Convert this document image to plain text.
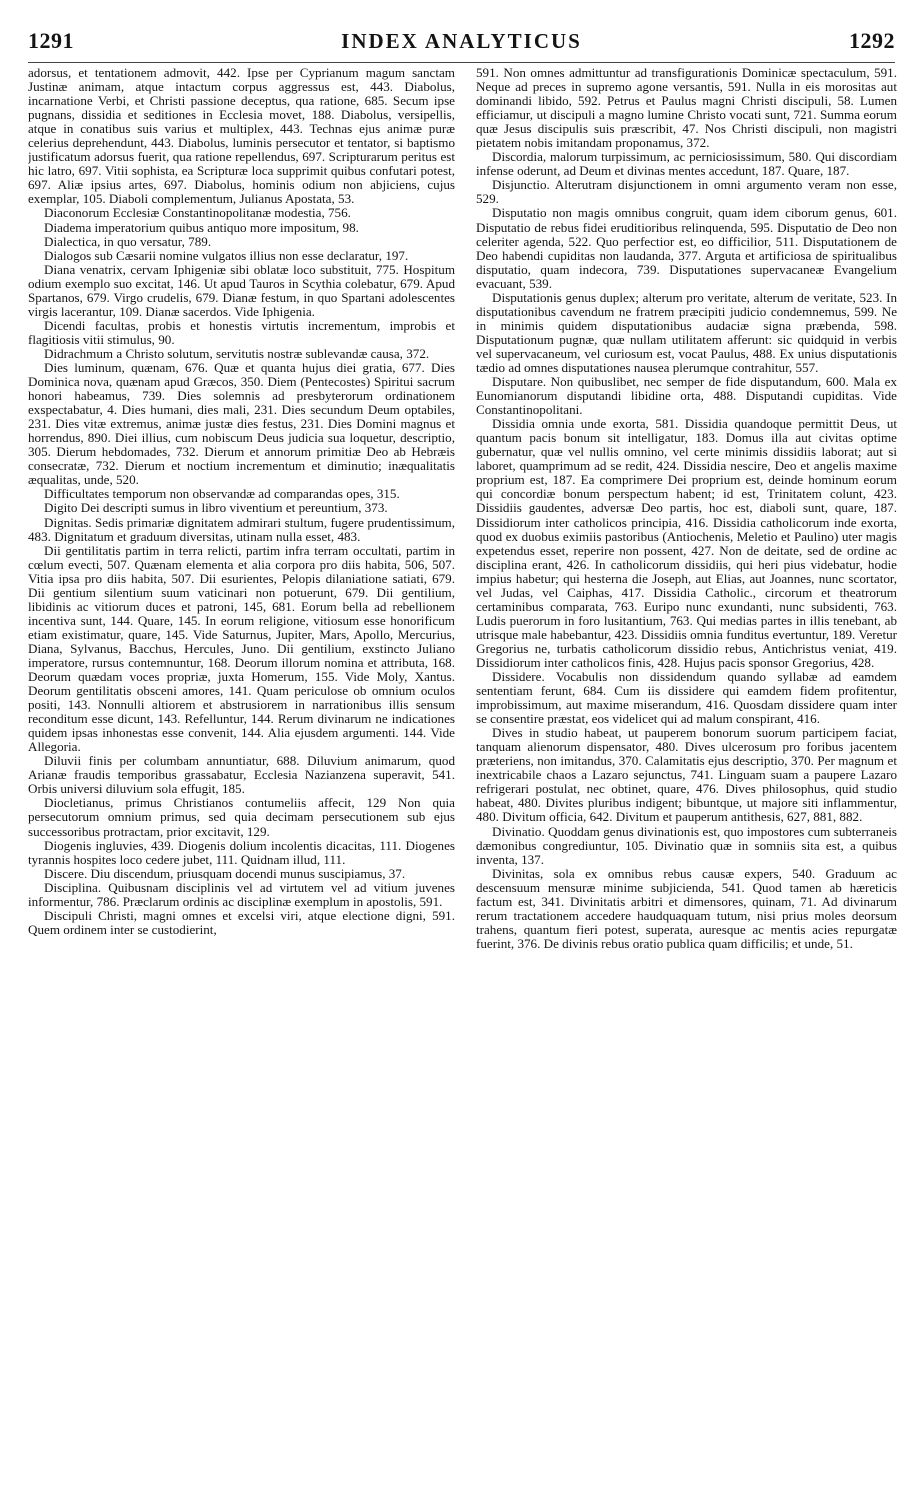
1291	INDEX ANALYTICUS	1292

adorsus, et tentationem admovit, 442. Ipse per Cyprianum magum sanctam Justinæ animam, atque intactum corpus aggressus est, 443. Diabolus, incarnatione Verbi, et Christi passione deceptus, qua ratione, 685. Secum ipse pugnans, dissidia et seditiones in Ecclesia movet, 188. Diabolus, versipellis, atque in conatibus suis varius et multiplex, 443. Technas ejus animæ puræ celerius deprehendunt, 443. Diabolus, luminis persecutor et tentator, si baptismo justificatum adorsus fuerit, qua ratione repellendus, 697. Scripturarum peritus est hic latro, 697. Vitii sophista, ea Scripturæ loca supprimit quibus confutari potest, 697. Aliæ ipsius artes, 697. Diabolus, hominis odium non abjiciens, cujus exemplar, 105. Diaboli complementum, Julianus Apostata, 53.

Diaconorum Ecclesiæ Constantinopolitanæ modestia, 756.

Diadema imperatorium quibus antiquo more impositum, 98.

Dialectica, in quo versatur, 789.

Dialogos sub Cæsarii nomine vulgatos illius non esse declaratur, 197.

Diana venatrix, cervam Iphigeniæ sibi oblatæ loco substituit, 775. Hospitum odium exemplo suo excitat, 146. Ut apud Tauros in Scythia colebatur, 679. Apud Spartanos, 679. Virgo crudelis, 679. Dianæ festum, in quo Spartani adolescentes virgis lacerantur, 109. Dianæ sacerdos. Vide Iphigenia.

Dicendi facultas, probis et honestis virtutis incrementum, improbis et flagitiosis vitii stimulus, 90.

Didrachmum a Christo solutum, servitutis nostræ sublevandæ causa, 372.

Dies luminum, quænam, 676. Quæ et quanta hujus diei gratia, 677. Dies Dominica nova, quænam apud Græcos, 350. Diem (Pentecostes) Spiritui sacrum honori habeamus, 739. Dies solemnis ad presbyterorum ordinationem exspectabatur, 4. Dies humani, dies mali, 231. Dies secundum Deum optabiles, 231. Dies vitæ extremus, animæ justæ dies festus, 231. Dies Domini magnus et horrendus, 890. Diei illius, cum nobiscum Deus judicia sua loquetur, descriptio, 305. Dierum hebdomades, 732. Dierum et annorum primitiæ Deo ab Hebræis consecratæ, 732. Dierum et noctium incrementum et diminutio; inæqualitatis æqualitas, unde, 520.

Difficultates temporum non observandæ ad comparandas opes, 315.

Digito Dei descripti sumus in libro viventium et pereuntium, 373.

Dignitas. Sedis primariæ dignitatem admirari stultum, fugere prudentissimum, 483. Dignitatum et graduum diversitas, utinam nulla esset, 483.

Dii gentilitatis partim in terra relicti, partim infra terram occultati, partim in cœlum evecti, 507. Quænam elementa et alia corpora pro diis habita, 506, 507. Vitia ipsa pro diis habita, 507. Dii esurientes, Pelopis dilaniatione satiati, 679. Dii gentium silentium suum vaticinari non potuerunt, 679. Dii gentilium, libidinis ac vitiorum duces et patroni, 145, 681. Eorum bella ad rebellionem incentiva sunt, 144. Quare, 145. In eorum religione, vitiosum esse honorificum etiam existimatur, quare, 145. Vide Saturnus, Jupiter, Mars, Apollo, Mercurius, Diana, Sylvanus, Bacchus, Hercules, Juno. Dii gentilium, exstincto Juliano imperatore, rursus contemnuntur, 168. Deorum illorum nomina et attributa, 168. Deorum quædam voces propriæ, juxta Homerum, 155. Vide Moly, Xantus. Deorum gentilitatis obsceni amores, 141. Quam periculose ob omnium oculos positi, 143. Nonnulli altiorem et abstrusiorem in narrationibus illis sensum reconditum esse dicunt, 143. Refelluntur, 144. Rerum divinarum ne indicationes quidem ipsas inhonestas esse convenit, 144. Alia ejusdem argumenti. 144. Vide Allegoria.

Diluvii finis per columbam annuntiatur, 688. Diluvium animarum, quod Arianæ fraudis temporibus grassabatur, Ecclesia Nazianzena superavit, 541. Orbis universi diluvium sola effugit, 185.

Diocletianus, primus Christianos contumeliis affecit, 129 Non quia persecutorum omnium primus, sed quia decimam persecutionem sub ejus successoribus protractam, prior excitavit, 129.

Diogenis ingluvies, 439. Diogenis dolium incolentis dicacitas, 111. Diogenes tyrannis hospites loco cedere jubet, 111. Quidnam illud, 111.

Discere. Diu discendum, priusquam docendi munus suscipiamus, 37.

Disciplina. Quibusnam disciplinis vel ad virtutem vel ad vitium juvenes informentur, 786. Præclarum ordinis ac disciplinæ exemplum in apostolis, 591.

Discipuli Christi, magni omnes et excelsi viri, atque electione digni, 591. Quem ordinem inter se custodierint,

591. Non omnes admittuntur ad transfigurationis Dominicæ spectaculum, 591. Neque ad preces in supremo agone versantis, 591. Nulla in eis morositas aut dominandi libido, 592. Petrus et Paulus magni Christi discipuli, 58. Lumen efficiamur, ut discipuli a magno lumine Christo vocati sunt, 721. Summa eorum quæ Jesus discipulis suis præscribit, 47. Nos Christi discipuli, non magistri pietatem nobis imitandam proponamus, 372.

Discordia, malorum turpissimum, ac perniciosissimum, 580. Qui discordiam infense oderunt, ad Deum et divinas mentes accedunt, 187. Quare, 187.

Disjunctio. Alterutram disjunctionem in omni argumento veram non esse, 529.

Disputatio non magis omnibus congruit, quam idem ciborum genus, 601. Disputatio de rebus fidei eruditioribus relinquenda, 595. Disputatio de Deo non celeriter agenda, 522. Quo perfectior est, eo difficilior, 511. Disputationem de Deo habendi cupiditas non laudanda, 377. Arguta et artificiosa de spiritualibus disputatio, quam indecora, 739. Disputationes supervacaneæ Evangelium evacuant, 539.

Disputationis genus duplex; alterum pro veritate, alterum de veritate, 523. In disputationibus cavendum ne fratrem præcipiti judicio condemnemus, 599. Ne in minimis quidem disputationibus audaciæ signa præbenda, 598. Disputationum pugnæ, quæ nullam utilitatem afferunt: sic quidquid in verbis vel supervacaneum, vel curiosum est, vocat Paulus, 488. Ex unius disputationis tædio ad omnes disputationes nausea plerumque contrahitur, 557.

Disputare. Non quibuslibet, nec semper de fide disputandum, 600. Mala ex Eunomianorum disputandi libidine orta, 488. Disputandi cupiditas. Vide Constantinopolitani.

Dissidia omnia unde exorta, 581. Dissidia quandoque permittit Deus, ut quantum pacis bonum sit intelligatur, 183. Domus illa aut civitas optime gubernatur, quæ vel nullis omnino, vel certe minimis dissidiis laborat; aut si laboret, quamprimum ad se redit, 424. Dissidia nescire, Deo et angelis maxime proprium est, 187. Ea comprimere Dei proprium est, deinde hominum eorum qui concordiæ bonum perspectum habent; id est, Trinitatem colunt, 423. Dissidiis gaudentes, adversæ Deo partis, hoc est, diaboli sunt, quare, 187. Dissidiorum inter catholicos principia, 416. Dissidia catholicorum inde exorta, quod ex duobus eximiis pastoribus (Antiochenis, Meletio et Paulino) uter magis expetendus esset, reperire non possent, 427. Non de deitate, sed de ordine ac disciplina erant, 426. In catholicorum dissidiis, qui heri pius videbatur, hodie impius habetur; qui hesterna die Joseph, aut Elias, aut Joannes, nunc scortator, vel Judas, vel Caiphas, 417. Dissidia Catholic., circorum et theatrorum certaminibus comparata, 763. Euripo nunc exundanti, nunc subsidenti, 763. Ludis puerorum in foro lusitantium, 763. Qui medias partes in illis tenebant, ab utrisque male habebantur, 423. Dissidiis omnia funditus evertuntur, 189. Veretur Gregorius ne, turbatis catholicorum dissidio rebus, Antichristus veniat, 419. Dissidiorum inter catholicos finis, 428. Hujus pacis sponsor Gregorius, 428.

Dissidere. Vocabulis non dissidendum quando syllabæ ad eamdem sententiam ferunt, 684. Cum iis dissidere qui eamdem fidem profitentur, improbissimum, aut maxime miserandum, 416. Quosdam dissidere quam inter se consentire præstat, eos videlicet qui ad malum conspirant, 416.

Dives in studio habeat, ut pauperem bonorum suorum participem faciat, tanquam alienorum dispensator, 480. Dives ulcerosum pro foribus jacentem præteriens, non imitandus, 370. Calamitatis ejus descriptio, 370. Per magnum et inextricabile chaos a Lazaro sejunctus, 741. Linguam suam a paupere Lazaro refrigerari postulat, nec obtinet, quare, 476. Dives philosophus, quid studio habeat, 480. Divites pluribus indigent; bibuntque, ut majore siti inflammentur, 480. Divitum officia, 642. Divitum et pauperum antithesis, 627, 881, 882.

Divinatio. Quoddam genus divinationis est, quo impostores cum subterraneis dæmonibus congrediuntur, 105. Divinatio quæ in somniis sita est, a quibus inventa, 137.

Divinitas, sola ex omnibus rebus causæ expers, 540. Graduum ac descensuum mensuræ minime subjicienda, 541. Quod tamen ab hæreticis factum est, 341. Divinitatis arbitri et dimensores, quinam, 71. Ad divinarum rerum tractationem accedere haudquaquam tutum, nisi prius moles deorsum trahens, quantum fieri potest, superata, auresque ac mentis acies repurgatæ fuerint, 376. De divinis rebus oratio publica quam difficilis; et unde, 51.
